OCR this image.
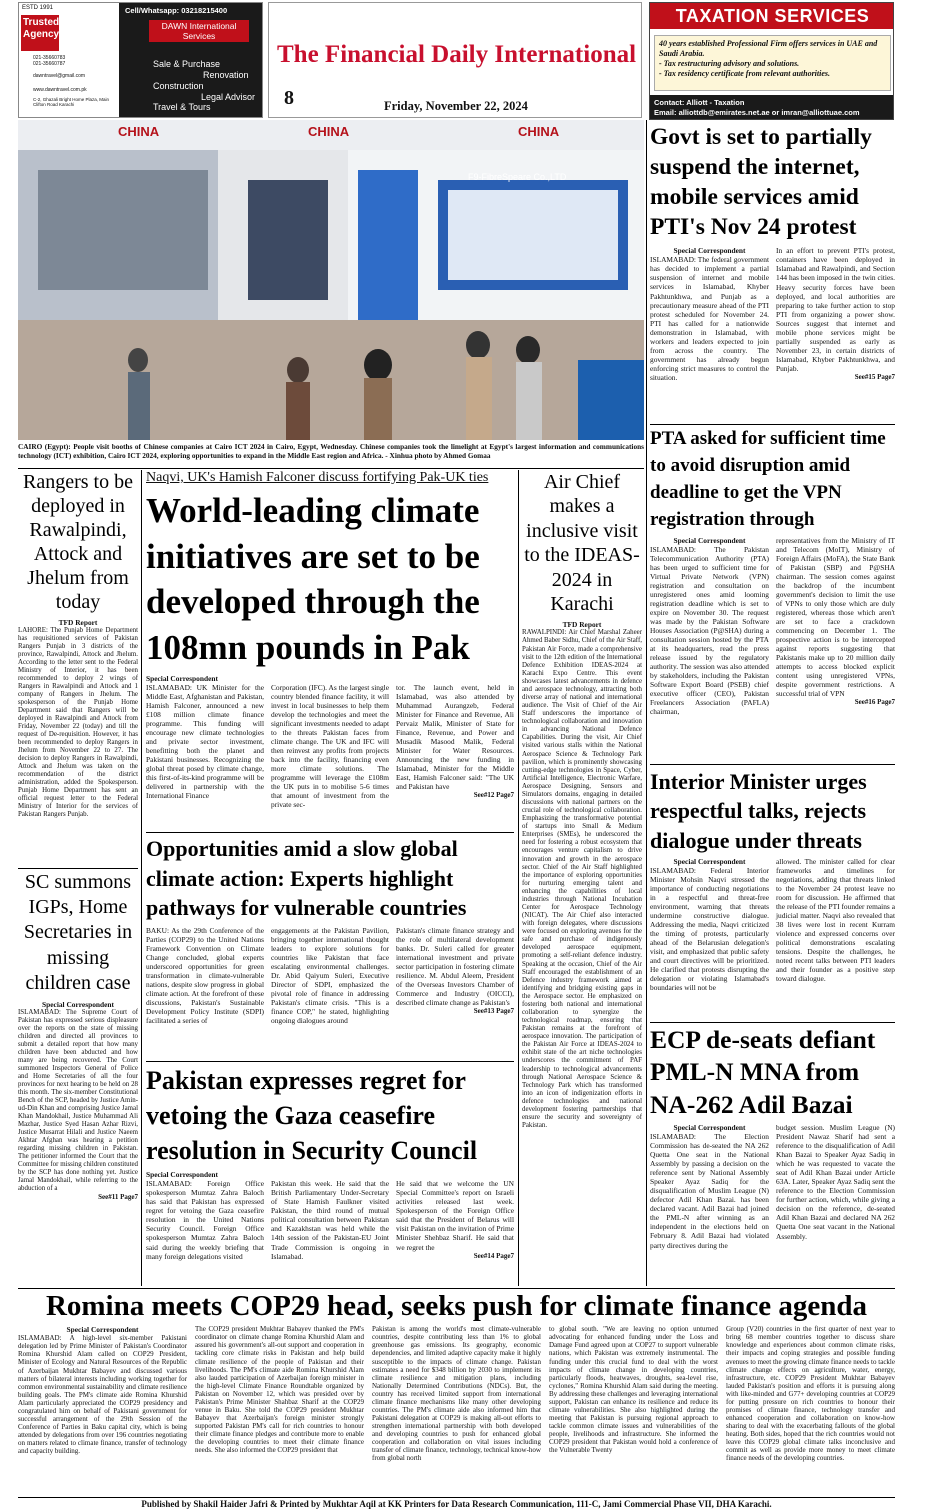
ESTD 1991
Trusted
Agency
021-35660783
021-35660787
dawntravel@gmail.com
www.dawntravel.com.pk
C-2, Ghazali Bright Home Plaza, Main Clifton Road Karachi
Cell/Whatsapp: 03218215400
DAWN International Services
Sale & Purchase
Renovation
Construction
Legal Advisor
Travel & Tours
The Financial Daily International
8	Friday, November 22, 2024
TAXATION SERVICES
40 years established Professional Firm offers services in UAE and Saudi Arabia.
- Tax restructuring advisory and solutions.
- Tax residency certificate from relevant authorities.
Contact: Alliott - Taxation
Email: alliottdb@emirates.net.ae or imran@alliottuae.com
CHINA	CHINA	CHINA
F9-FibreSpeare Co.,LTD
CAIRO (Egypt): People visit booths of Chinese companies at Cairo ICT 2024 in Cairo, Egypt, Wednesday. Chinese companies took the limelight at Egypt's largest information and communications technology (ICT) exhibition, Cairo ICT 2024, exploring opportunities to expand in the Middle East region and Africa. - Xinhua photo by Ahmed Gomaa
Govt is set to partially suspend the internet, mobile services amid PTI's Nov 24 protest
Special Correspondent
ISLAMABAD: The federal government has decided to implement a partial suspension of internet and mobile services in Islamabad, Khyber Pakhtunkhwa, and Punjab as a precautionary measure ahead of the PTI protest scheduled for November 24. PTI has called for a nationwide demonstration in Islamabad, with workers and leaders expected to join from across the country. The government has already begun enforcing strict measures to control the situation.
In an effort to prevent PTI's protest, containers have been deployed in Islamabad and Rawalpindi, and Section 144 has been imposed in the twin cities. Heavy security forces have been deployed, and local authorities are preparing to take further action to stop PTI from organizing a power show. Sources suggest that internet and mobile phone services might be partially suspended as early as November 23, in certain districts of Islamabad, Khyber Pakhtunkhwa, and Punjab.
See#15 Page7
PTA asked for sufficient time to avoid disruption amid deadline to get the VPN registration through
Special Correspondent
ISLAMABAD: The Pakistan Telecommunication Authority (PTA) has been urged to sufficient time for Virtual Private Network (VPN) registration and consultation on unregistered ones amid looming registration deadline which is set to expire on November 30. The request was made by the Pakistan Software Houses Association (P@SHA) during a consultation session hosted by the PTA at its headquarters, read the press release issued by the regulatory authority. The session was also attended by stakeholders, including the Pakistan Software Export Board (PSEB) chief executive officer (CEO), Pakistan Freelancers Association (PAFLA) chairman,
representatives from the Ministry of IT and Telecom (MoIT), Ministry of Foreign Affairs (MoFA), the State Bank of Pakistan (SBP) and P@SHA chairman. The session comes against the backdrop of the incumbent government's decision to limit the use of VPNs to only those which are duly registered, whereas those which aren't are set to face a crackdown commencing on December 1. The prospective action is to be intercepted against reports suggesting that Pakistanis make up to 20 million daily attempts to access blocked explicit content using unregistered VPNs, despite government restrictions. A successful trial of VPN
See#16 Page7
Interior Minister urges respectful talks, rejects dialogue under threats
Special Correspondent
ISLAMABAD: Federal Interior Minister Mohsin Naqvi stressed the importance of conducting negotiations in a respectful and threat-free environment, warning that threats undermine constructive dialogue. Addressing the media, Naqvi criticized the timing of protests, particularly ahead of the Belarusian delegation's visit, and emphasized that public safety and court directives will be prioritized. He clarified that protests disrupting the delegation or violating Islamabad's boundaries will not be
allowed. The minister called for clear frameworks and timelines for negotiations, adding that threats linked to the November 24 protest leave no room for discussion. He affirmed that the release of the PTI founder remains a judicial matter. Naqvi also revealed that 38 lives were lost in recent Kurram violence and expressed concerns over political demonstrations escalating tensions. Despite the challenges, he noted recent talks between PTI leaders and their founder as a positive step toward dialogue.
ECP de-seats defiant PML-N MNA from NA-262 Adil Bazai
Special Correspondent
ISLAMABAD: The Election Commission has de-seated the NA 262 Quetta One seat in the National Assembly by passing a decision on the reference sent by National Assembly Speaker Ayaz Sadiq for the disqualification of Muslim League (N) defector Adil Khan Bazai. has been declared vacant. Adil Bazai had joined the PML-N after winning as an independent in the elections held on February 8. Adil Bazai had violated party directives during the
budget session. Muslim League (N) President Nawaz Sharif had sent a reference to the disqualification of Adil Khan Bazai to Speaker Ayaz Sadiq in which he was requested to vacate the seat of Adil Khan Bazai under Article 63A. Later, Speaker Ayaz Sadiq sent the reference to the Election Commission for further action, which, while giving a decision on the reference, de-seated Adil Khan Bazai and declared NA 262 Quetta One seat vacant in the National Assembly.
Rangers to be deployed in Rawalpindi, Attock and Jhelum from today
TFD Report
LAHORE: The Punjab Home Department has requisitioned services of Pakistan Rangers Punjab in 3 districts of the province, Rawalpindi, Attock and Jhelum. According to the letter sent to the Federal Ministry of Interior, it has been recommended to deploy 2 wings of Rangers in Rawalpindi and Attock and 1 company of Rangers in Jhelum. The spokesperson of the Punjab Home Department said that Rangers will be deployed in Rawalpindi and Attock from Friday, November 22 (today) and till the request of De-requisition. However, it has been recommended to deploy Rangers in Jhelum from November 22 to 27. The decision to deploy Rangers in Rawalpindi, Attock and Jhelum was taken on the recommendation of the district administration, added the Spokesperson. Punjab Home Department has sent an official request letter to the Federal Ministry of Interior for the services of Pakistan Rangers Punjab.
SC summons IGPs, Home Secretaries in missing children case
Special Correspondent
ISLAMABAD: The Supreme Court of Pakistan has expressed serious displeasure over the reports on the state of missing children and directed all provinces to submit a detailed report that how many children have been abducted and how many are being recovered. The Court summoned Inspectors General of Police and Home Secretaries of all the four provinces for next hearing to be held on 28 this month. The six-member Constitutional Bench of the SCP, headed by Justice Amin-ud-Din Khan and comprising Justice Jamal Khan Mandokhail, Justice Muhammad Ali Mazhar, Justice Syed Hasan Azhar Rizvi, Justice Musarrat Hilali and Justice Naeem Akhtar Afghan was hearing a petition regarding missing children in Pakistan. The petitioner informed the Court that the Committee for missing children constituted by the SCP has done nothing yet. Justice Jamal Mandokhail, while referring to the abduction of a
See#11 Page7
Naqvi, UK's Hamish Falconer discuss fortifying Pak-UK ties
World-leading climate initiatives are set to be developed through the 108mn pounds in Pak
Special Correspondent
ISLAMABAD: UK Minister for the Middle East, Afghanistan and Pakistan, Hamish Falconer, announced a new £108 million climate finance programme. This funding will encourage new climate technologies and private sector investment, benefitting both the planet and Pakistani businesses. Recognizing the global threat posed by climate change, this first-of-its-kind programme will be delivered in partnership with the International Finance
Corporation (IFC). As the largest single country blended finance facility, it will invest in local businesses to help them develop the technologies and meet the significant investments needed to adapt to the threats Pakistan faces from climate change. The UK and IFC will then reinvest any profits from projects back into the facility, financing even more climate solutions. The programme will leverage the £108m the UK puts in to mobilise 5-6 times that amount of investment from the private sec-
tor. The launch event, held in Islamabad, was also attended by Muhammad Aurangzeb, Federal Minister for Finance and Revenue, Ali Pervaiz Malik, Minister of State for Finance, Revenue, and Power and Musadik Masood Malik, Federal Minister for Water Resources. Announcing the new funding in Islamabad, Minister for the Middle East, Hamish Falconer said: "The UK and Pakistan have
See#12 Page7
Opportunities amid a slow global climate action: Experts highlight pathways for vulnerable countries
BAKU: As the 29th Conference of the Parties (COP29) to the United Nations Framework Convention on Climate Change concluded, global experts underscored opportunities for green transformation in climate-vulnerable nations, despite slow progress in global climate action. At the forefront of these discussions, Pakistan's Sustainable Development Policy Institute (SDPI) facilitated a series of
engagements at the Pakistan Pavilion, bringing together international thought leaders to explore solutions for countries like Pakistan that face escalating environmental challenges. Dr. Abid Qaiyum Suleri, Executive Director of SDPI, emphasized the pivotal role of finance in addressing Pakistan's climate crisis. "This is a finance COP," he stated, highlighting ongoing dialogues around
Pakistan's climate finance strategy and the role of multilateral development banks. Dr. Suleri called for greater international investment and private sector participation in fostering climate resilience. M. Abdul Aleem, President of the Overseas Investors Chamber of Commerce and Industry (OICCI), described climate change as Pakistan's
See#13 Page7
Pakistan expresses regret for vetoing the Gaza ceasefire resolution in Security Council
Special Correspondent
ISLAMABAD: Foreign Office spokesperson Mumtaz Zahra Baloch has said that Pakistan has expressed regret for vetoing the Gaza ceasefire resolution in the United Nations Security Council. Foreign Office spokesperson Mumtaz Zahra Baloch said during the weekly briefing that many foreign delegations visited
Pakistan this week. He said that the British Parliamentary Under-Secretary of State Hamish Faulkner visited Pakistan, the third round of mutual political consultation between Pakistan and Kazakhstan was held while the 14th session of the Pakistan-EU Joint Trade Commission is ongoing in Islamabad.
He said that we welcome the UN Special Committee's report on Israeli activities released last week. Spokesperson of the Foreign Office said that the President of Belarus will visit Pakistan on the invitation of Prime Minister Shehbaz Sharif. He said that we regret the
See#14 Page7
Air Chief makes a inclusive visit to the IDEAS-2024 in Karachi
TFD Report
RAWALPINDI: Air Chief Marshal Zaheer Ahmed Baber Sidhu, Chief of the Air Staff, Pakistan Air Force, made a comprehensive visit to the 12th edition of the International Defence Exhibition IDEAS-2024 at Karachi Expo Centre. This event showcases latest advancements in defence and aerospace technology, attracting both diverse array of national and international audience. The Visit of Chief of the Air Staff underscores the importance of technological collaboration and innovation in advancing National Defence Capabilities. During the visit, Air Chief visited various stalls within the National Aerospace Science & Technology Park pavilion, which is prominently showcasing cutting-edge technologies in Space, Cyber, Artificial Intelligence, Electronic Warfare, Aerospace Designing, Sensors and Simulators domains, engaging in detailed discussions with national partners on the crucial role of technological collaboration. Emphasizing the transformative potential of startups into Small & Medium Enterprises (SMEs), he underscored the need for fostering a robust ecosystem that encourages venture capitalism to drive innovation and growth in the aerospace sector. Chief of the Air Staff highlighted the importance of exploring opportunities for nurturing emerging talent and enhancing the capabilities of local industries through National Incubation Center for Aerospace Technology (NICAT). The Air Chief also interacted with foreign delegates, where discussions were focused on exploring avenues for the safe and purchase of indigenously developed aerospace equipment, promoting a self-reliant defence industry. Speaking at the occasion, Chief of the Air Staff encouraged the establishment of an Defence industry framework aimed at identifying and bridging existing gaps in the Aerospace sector. He emphasized on fostering both national and international collaboration to synergize the technological roadmap, ensuring that Pakistan remains at the forefront of aerospace innovation. The participation of the Pakistan Air Force at IDEAS-2024 to exhibit state of the art niche technologies underscores the commitment of PAF leadership to technological advancements through National Aerospace Science & Technology Park which has transformed into an icon of indigenization efforts in defence technologies and national development fostering partnerships that ensure the security and sovereignty of Pakistan.
Romina meets COP29 head, seeks push for climate finance agenda
Special Correspondent
ISLAMABAD: A high-level six-member Pakistani delegation led by Prime Minister of Pakistan's Coordinator Romina Khurshid Alam called on COP29 President, Minister of Ecology and Natural Resources of the Republic of Azerbaijan Mukhtar Babayev and discussed various matters of bilateral interests including working together for common environmental sustainability and climate resilience building goals. The PM's climate aide Romina Khurshid Alam particularly appreciated the COP29 presidency and congratulated him on behalf of Pakistani government for successful arrangement of the 29th Session of the Conference of Parties in Baku capital city, which is being attended by delegations from over 196 countries negotiating on matters related to climate finance, transfer of technology and capacity building.
The COP29 president Mukhtar Babayev thanked the PM's coordinator on climate change Romina Khurshid Alam and assured his government's all-out support and cooperation in tackling core climate risks in Pakistan and help build climate resilience of the people of Pakistan and their livelihoods. The PM's climate aide Romina Khurshid Alam also lauded participation of Azerbaijan foreign minister in the high-level Climate Finance Roundtable organized by Pakistan on November 12, which was presided over by Pakistan's Prime Minister Shahbaz Sharif at the COP29 venue in Baku. She told the COP29 president Mukhtar Babayev that Azerbaijan's foreign minister strongly supported Pakistan PM's call for rich countries to honour their climate finance pledges and contribute more to enable the developing countries to meet their climate finance needs. She also informed the COP29 president that
Pakistan is among the world's most climate-vulnerable countries, despite contributing less than 1% to global greenhouse gas emissions. Its geography, economic dependencies, and limited adaptive capacity make it highly susceptible to the impacts of climate change. Pakistan estimates a need for $348 billion by 2030 to implement its climate resilience and mitigation plans, including Nationally Determined Contributions (NDCs). But, the country has received limited support from international climate finance mechanisms like many other developing countries. The PM's climate aide also informed him that Pakistani delegation at COP29 is making all-out efforts to strengthen international partnership with both developed and developing countries to push for enhanced global cooperation and collaboration on vital issues including transfer of climate finance, technology, technical know-how from global north
to global south. "We are leaving no option unturned advocating for enhanced funding under the Loss and Damage Fund agreed upon at COP27 to support vulnerable nations, which Pakistan was extremely instrumental. The funding under this crucial fund to deal with the worst impacts of climate change in developing countries, particularly floods, heatwaves, droughts, sea-level rise, cyclones," Romina Khurshid Alam said during the meeting. By addressing these challenges and leveraging international support, Pakistan can enhance its resilience and reduce its climate vulnerabilities. She also highlighted during the meeting that Pakistan is pursuing regional approach to tackle common climate issues and vulnerabilities of the people, livelihoods and infrastructure. She informed the COP29 president that Pakistan would hold a conference of the Vulnerable Twenty
Group (V20) countries in the first quarter of next year to bring 68 member countries together to discuss share knowledge and experiences about common climate risks, their impacts and coping strategies and possible funding avenues to meet the growing climate finance needs to tackle climate change effects on agriculture, water, energy, infrastructure, etc. COP29 President Mukhtar Babayev lauded Pakistan's position and efforts it is pursuing along with like-minded and G77+ developing countries at COP29 for putting pressure on rich countries to honour their promises of climate finance, technology transfer and enhanced cooperation and collaboration on know-how sharing to deal with the exacerbating fallouts of the global heating. Both sides, hoped that the rich countries would not leave this COP29 global climate talks inconclusive and commit as well as provide more money to meet climate finance needs of the developing countries.
Published by Shakil Haider Jafri & Printed by Mukhtar Aqil at KK Printers for Data Research Communication, 111-C, Jami Commercial Phase VII, DHA Karachi.
